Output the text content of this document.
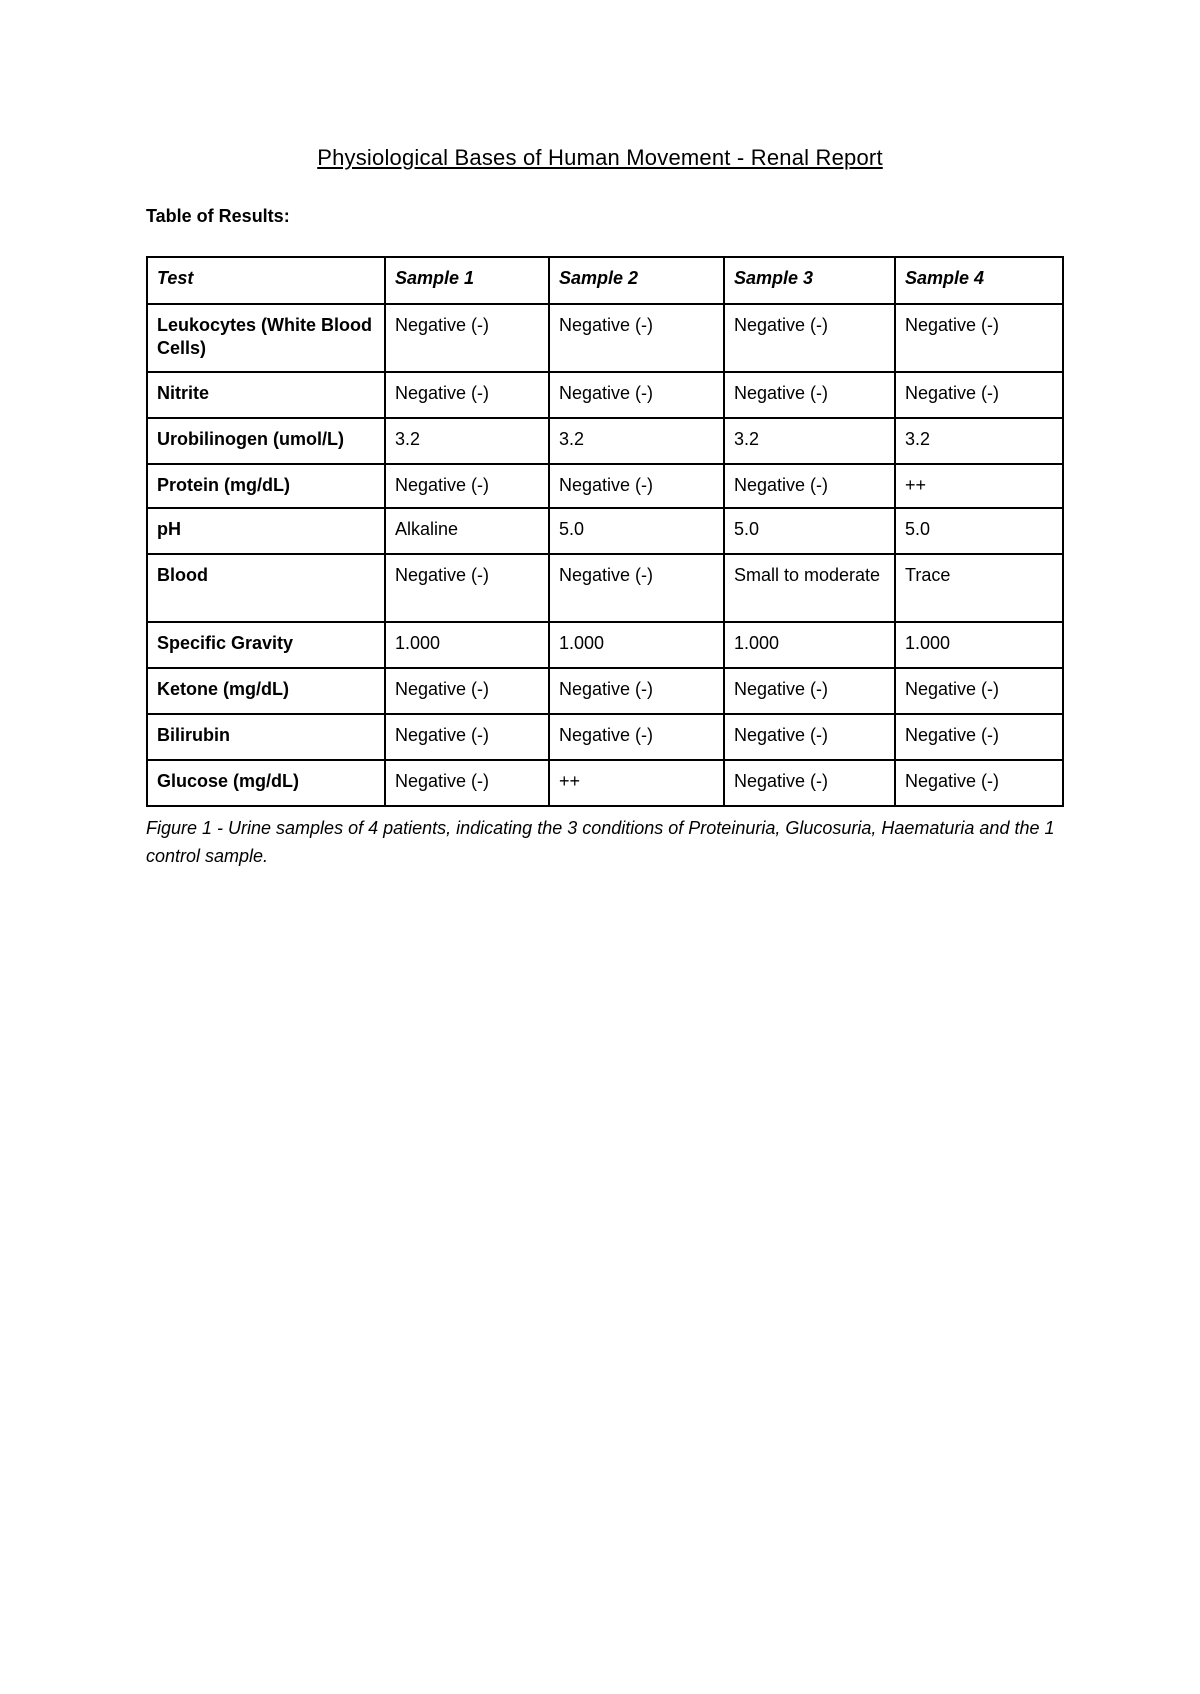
Physiological Bases of Human Movement - Renal Report

Table of Results:

Test	Sample 1	Sample 2	Sample 3	Sample 4
Leukocytes (White Blood Cells)	Negative (-)	Negative (-)	Negative (-)	Negative (-)
Nitrite	Negative (-)	Negative (-)	Negative (-)	Negative (-)
Urobilinogen (umol/L)	3.2	3.2	3.2	3.2
Protein (mg/dL)	Negative (-)	Negative (-)	Negative (-)	++
pH	Alkaline	5.0	5.0	5.0
Blood	Negative (-)	Negative (-)	Small to moderate	Trace
Specific Gravity	1.000	1.000	1.000	1.000
Ketone (mg/dL)	Negative (-)	Negative (-)	Negative (-)	Negative (-)
Bilirubin	Negative (-)	Negative (-)	Negative (-)	Negative (-)
Glucose (mg/dL)	Negative (-)	++	Negative (-)	Negative (-)

Figure 1 - Urine samples of 4 patients, indicating the 3 conditions of Proteinuria, Glucosuria, Haematuria and the 1 control sample.
